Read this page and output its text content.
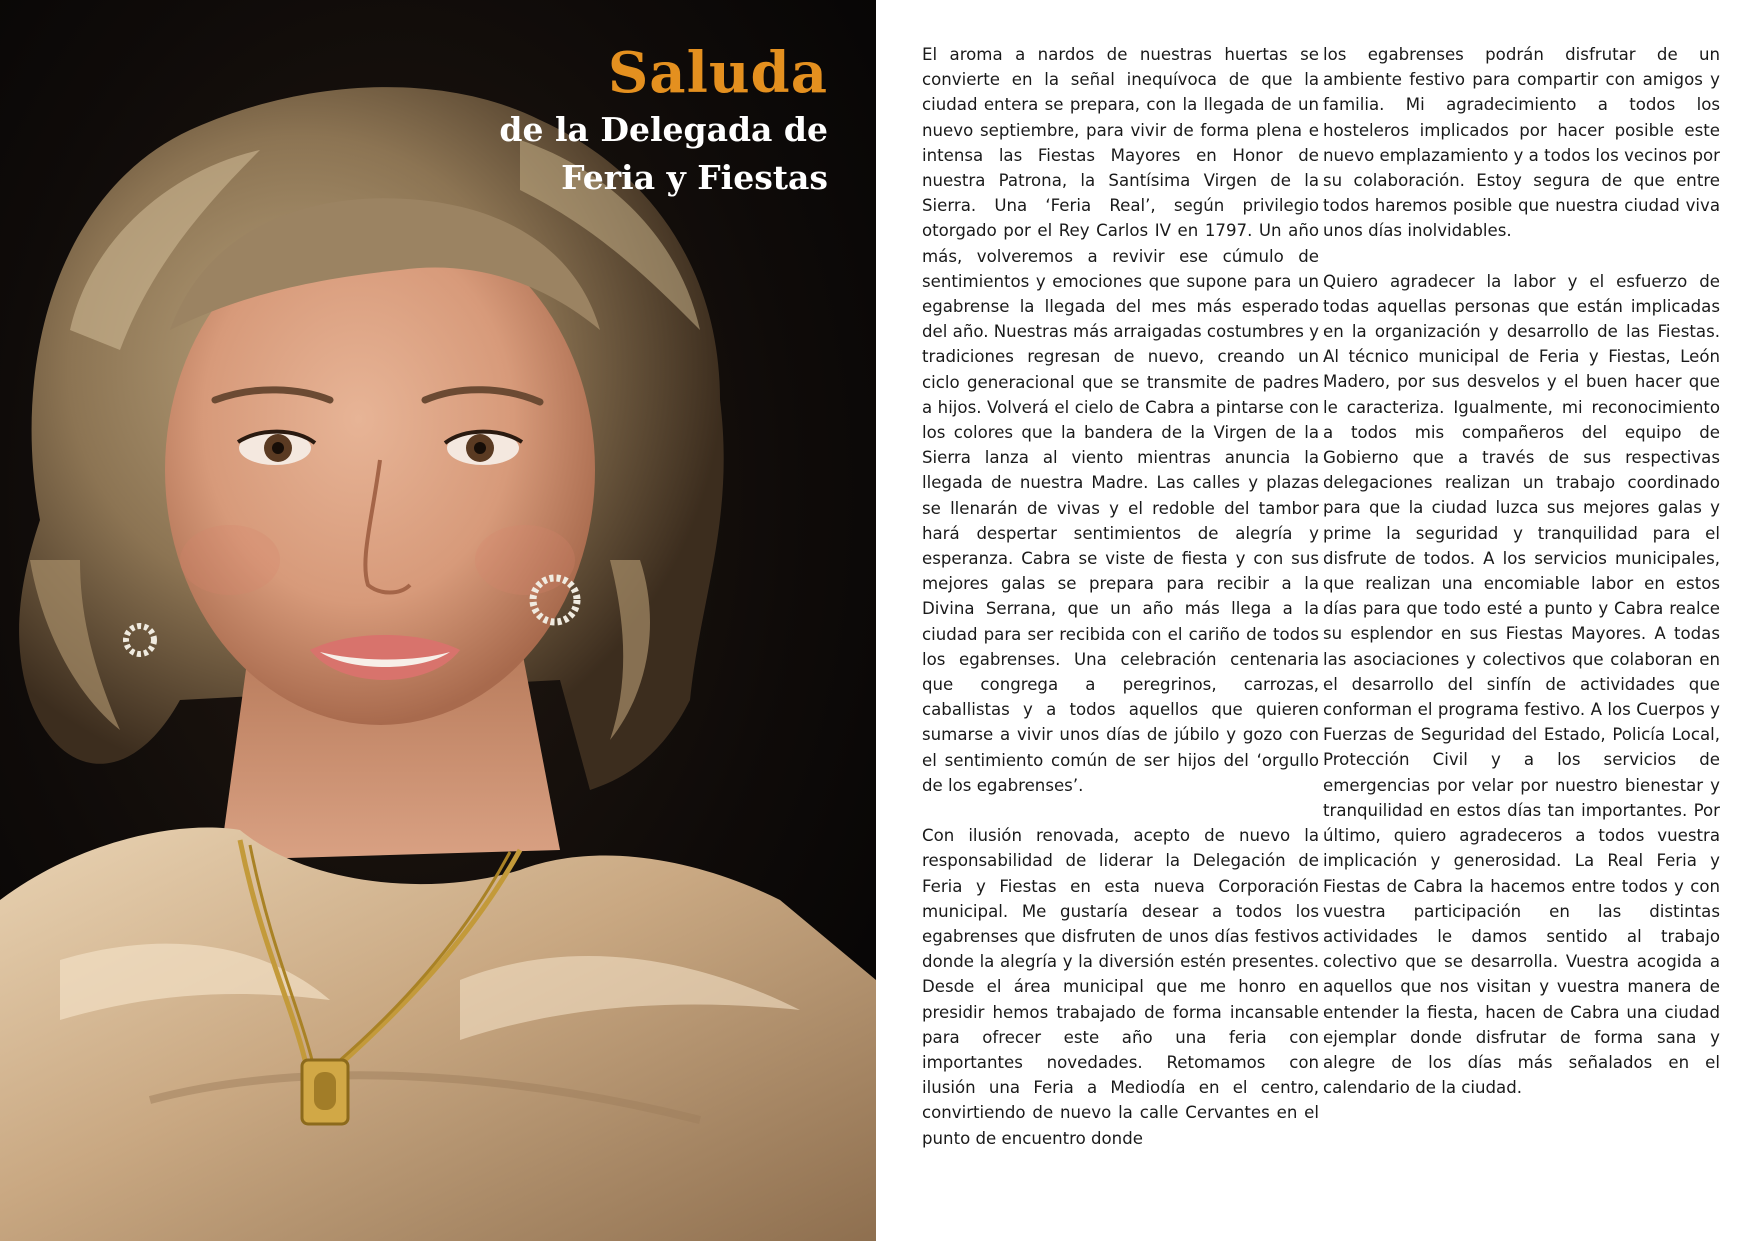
Saluda
de la Delegada de
Feria y Fiestas

El aroma a nardos de nuestras huertas se convierte en la señal inequívoca de que la ciudad entera se prepara, con la llegada de un nuevo septiembre, para vivir de forma plena e intensa las Fiestas Mayores en Honor de nuestra Patrona, la Santísima Virgen de la Sierra. Una ‘Feria Real’, según privilegio otorgado por el Rey Carlos IV en 1797. Un año más, volveremos a revivir ese cúmulo de sentimientos y emociones que supone para un egabrense la llegada del mes más esperado del año. Nuestras más arraigadas costumbres y tradiciones regresan de nuevo, creando un ciclo generacional que se transmite de padres a hijos. Volverá el cielo de Cabra a pintarse con los colores que la bandera de la Virgen de la Sierra lanza al viento mientras anuncia la llegada de nuestra Madre. Las calles y plazas se llenarán de vivas y el redoble del tambor hará despertar sentimientos de alegría y esperanza. Cabra se viste de fiesta y con sus mejores galas se prepara para recibir a la Divina Serrana, que un año más llega a la ciudad para ser recibida con el cariño de todos los egabrenses. Una celebración centenaria que congrega a peregrinos, carrozas, caballistas y a todos aquellos que quieren sumarse a vivir unos días de júbilo y gozo con el sentimiento común de ser hijos del ‘orgullo de los egabrenses’.

Con ilusión renovada, acepto de nuevo la responsabilidad de liderar la Delegación de Feria y Fiestas en esta nueva Corporación municipal. Me gustaría desear a todos los egabrenses que disfruten de unos días festivos donde la alegría y la diversión estén presentes. Desde el área municipal que me honro en presidir hemos trabajado de forma incansable para ofrecer este año una feria con importantes novedades. Retomamos con ilusión una Feria a Mediodía en el centro, convirtiendo de nuevo la calle Cervantes en el punto de encuentro donde

los egabrenses podrán disfrutar de un ambiente festivo para compartir con amigos y familia. Mi agradecimiento a todos los hosteleros implicados por hacer posible este nuevo emplazamiento y a todos los vecinos por su colaboración. Estoy segura de que entre todos haremos posible que nuestra ciudad viva unos días inolvidables.

Quiero agradecer la labor y el esfuerzo de todas aquellas personas que están implicadas en la organización y desarrollo de las Fiestas. Al técnico municipal de Feria y Fiestas, León Madero, por sus desvelos y el buen hacer que le caracteriza. Igualmente, mi reconocimiento a todos mis compañeros del equipo de Gobierno que a través de sus respectivas delegaciones realizan un trabajo coordinado para que la ciudad luzca sus mejores galas y prime la seguridad y tranquilidad para el disfrute de todos. A los servicios municipales, que realizan una encomiable labor en estos días para que todo esté a punto y Cabra realce su esplendor en sus Fiestas Mayores. A todas las asociaciones y colectivos que colaboran en el desarrollo del sinfín de actividades que conforman el programa festivo. A los Cuerpos y Fuerzas de Seguridad del Estado, Policía Local, Protección Civil y a los servicios de emergencias por velar por nuestro bienestar y tranquilidad en estos días tan importantes. Por último, quiero agradeceros a todos vuestra implicación y generosidad. La Real Feria y Fiestas de Cabra la hacemos entre todos y con vuestra participación en las distintas actividades le damos sentido al trabajo colectivo que se desarrolla. Vuestra acogida a aquellos que nos visitan y vuestra manera de entender la fiesta, hacen de Cabra una ciudad ejemplar donde disfrutar de forma sana y alegre de los días más señalados en el calendario de la ciudad.
